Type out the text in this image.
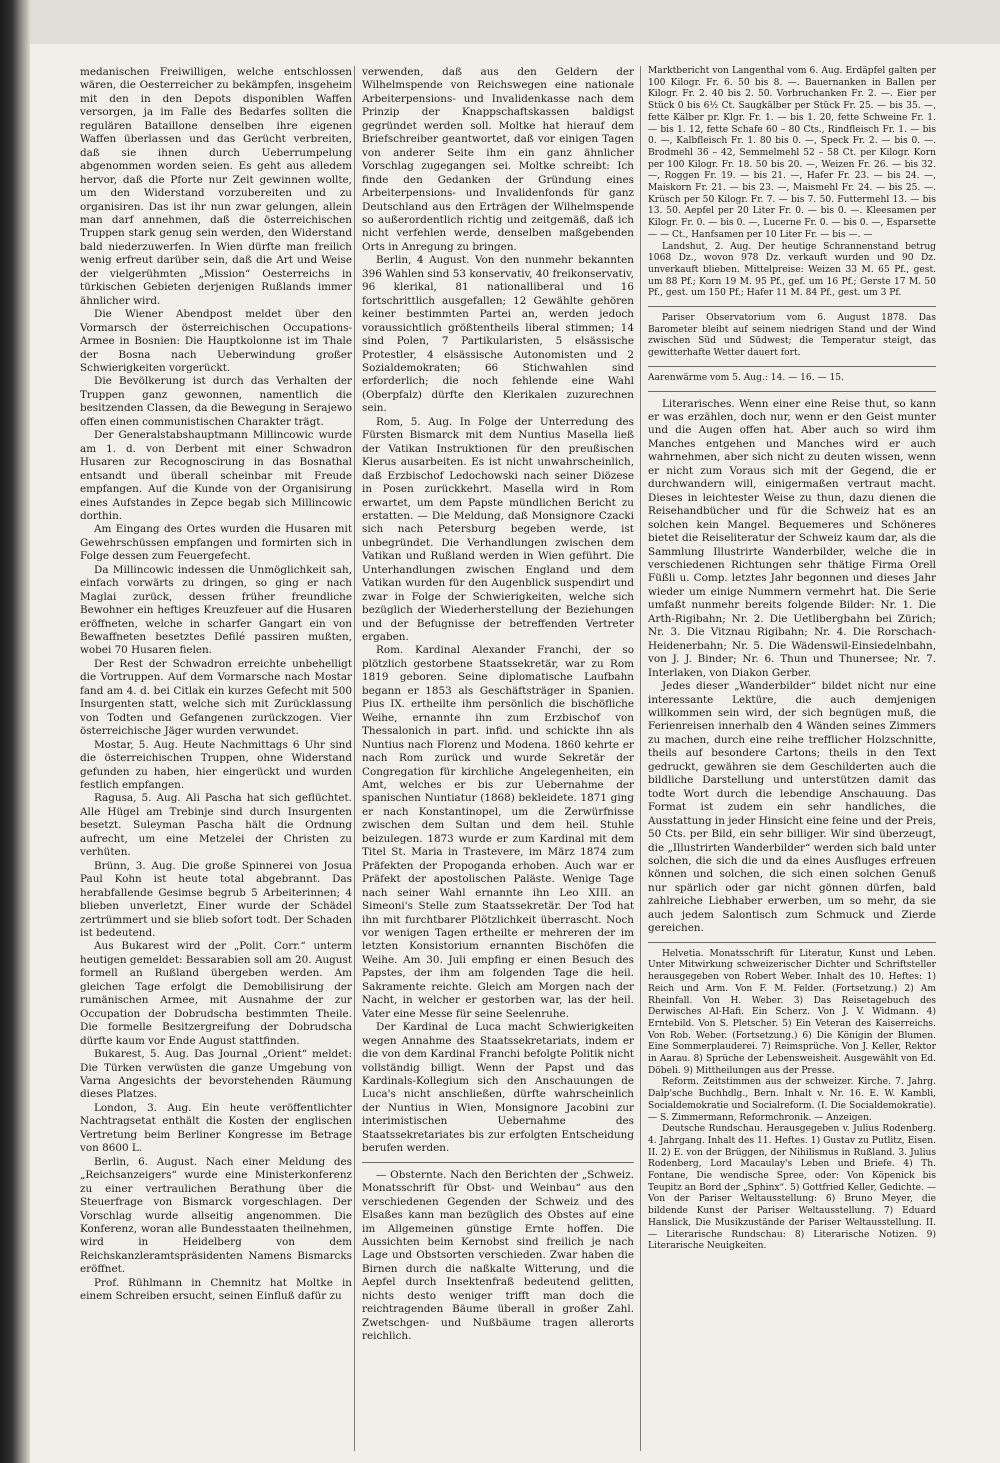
medanischen Freiwilligen, welche entschlossen wären, die Oesterreicher zu bekämpfen, insgeheim mit den in den Depots disponiblen Waffen versorgen, ja im Falle des Bedarfes sollten die regulären Bataillone denselben ihre eigenen Waffen überlassen und das Gerücht verbreiten, daß sie ihnen durch Ueberrumpelung abgenommen worden seien. Es geht aus alledem hervor, daß die Pforte nur Zeit gewinnen wollte, um den Widerstand vorzubereiten und zu organisiren. Das ist ihr nun zwar gelungen, allein man darf annehmen, daß die österreichischen Truppen stark genug sein werden, den Widerstand bald niederzuwerfen. In Wien dürfte man freilich wenig erfreut darüber sein, daß die Art und Weise der vielgerühmten „Mission“ Oesterreichs in türkischen Gebieten derjenigen Rußlands immer ähnlicher wird.

Die Wiener Abendpost meldet über den Vormarsch der österreichischen Occupations-Armee in Bosnien: Die Hauptkolonne ist im Thale der Bosna nach Ueberwindung großer Schwierigkeiten vorgerückt.

Die Bevölkerung ist durch das Verhalten der Truppen ganz gewonnen, namentlich die besitzenden Classen, da die Bewegung in Serajewo offen einen communistischen Charakter trägt.

Der Generalstabshauptmann Millincowic wurde am 1. d. von Derbent mit einer Schwadron Husaren zur Recognoscirung in das Bosnathal entsandt und überall scheinbar mit Freude empfangen. Auf die Kunde von der Organisirung eines Aufstandes in Zepce begab sich Millincowic dorthin.

Am Eingang des Ortes wurden die Husaren mit Gewehrschüssen empfangen und formirten sich in Folge dessen zum Feuergefecht.

Da Millincowic indessen die Unmöglichkeit sah, einfach vorwärts zu dringen, so ging er nach Maglai zurück, dessen früher freundliche Bewohner ein heftiges Kreuzfeuer auf die Husaren eröffneten, welche in scharfer Gangart ein von Bewaffneten besetztes Defilé passiren mußten, wobei 70 Husaren fielen.

Der Rest der Schwadron erreichte unbehelligt die Vortruppen. Auf dem Vormarsche nach Mostar fand am 4. d. bei Citlak ein kurzes Gefecht mit 500 Insurgenten statt, welche sich mit Zurücklassung von Todten und Gefangenen zurückzogen. Vier österreichische Jäger wurden verwundet.

Mostar, 5. Aug. Heute Nachmittags 6 Uhr sind die österreichischen Truppen, ohne Widerstand gefunden zu haben, hier eingerückt und wurden festlich empfangen.

Ragusa, 5. Aug. Ali Pascha hat sich geflüchtet. Alle Hügel am Trebinje sind durch Insurgenten besetzt. Suleyman Pascha hält die Ordnung aufrecht, um eine Metzelei der Christen zu verhüten.

Brünn, 3. Aug. Die große Spinnerei von Josua Paul Kohn ist heute total abgebrannt. Das herabfallende Gesimse begrub 5 Arbeiterinnen; 4 blieben unverletzt, Einer wurde der Schädel zertrümmert und sie blieb sofort todt. Der Schaden ist bedeutend.

Aus Bukarest wird der „Polit. Corr.“ unterm heutigen gemeldet: Bessarabien soll am 20. August formell an Rußland übergeben werden. Am gleichen Tage erfolgt die Demobilisirung der rumänischen Armee, mit Ausnahme der zur Occupation der Dobrudscha bestimmten Theile. Die formelle Besitzergreifung der Dobrudscha dürfte kaum vor Ende August stattfinden.

Bukarest, 5. Aug. Das Journal „Orient“ meldet: Die Türken verwüsten die ganze Umgebung von Varna Angesichts der bevorstehenden Räumung dieses Platzes.

London, 3. Aug. Ein heute veröffentlichter Nachtragsetat enthält die Kosten der englischen Vertretung beim Berliner Kongresse im Betrage von 8600 L.

Berlin, 6. August. Nach einer Meldung des „Reichsanzeigers“ wurde eine Ministerkonferenz zu einer vertraulichen Berathung über die Steuerfrage von Bismarck vorgeschlagen. Der Vorschlag wurde allseitig angenommen. Die Konferenz, woran alle Bundesstaaten theilnehmen, wird in Heidelberg von dem Reichskanzleramtspräsidenten Namens Bismarcks eröffnet.

Prof. Rühlmann in Chemnitz hat Moltke in einem Schreiben ersucht, seinen Einfluß dafür zu

verwenden, daß aus den Geldern der Wilhelmspende von Reichswegen eine nationale Arbeiterpensions- und Invalidenkasse nach dem Prinzip der Knappschaftskassen baldigst gegründet werden soll. Moltke hat hierauf dem Briefschreiber geantwortet, daß vor einigen Tagen von anderer Seite ihm ein ganz ähnlicher Vorschlag zugegangen sei. Moltke schreibt: Ich finde den Gedanken der Gründung eines Arbeiterpensions- und Invalidenfonds für ganz Deutschland aus den Erträgen der Wilhelmspende so außerordentlich richtig und zeitgemäß, daß ich nicht verfehlen werde, denselben maßgebenden Orts in Anregung zu bringen.

Berlin, 4 August. Von den nunmehr bekannten 396 Wahlen sind 53 konservativ, 40 freikonservativ, 96 klerikal, 81 nationalliberal und 16 fortschrittlich ausgefallen; 12 Gewählte gehören keiner bestimmten Partei an, werden jedoch voraussichtlich größtentheils liberal stimmen; 14 sind Polen, 7 Partikularisten, 5 elsässische Protestler, 4 elsässische Autonomisten und 2 Sozialdemokraten; 66 Stichwahlen sind erforderlich; die noch fehlende eine Wahl (Oberpfalz) dürfte den Klerikalen zuzurechnen sein.

Rom, 5. Aug. In Folge der Unterredung des Fürsten Bismarck mit dem Nuntius Masella ließ der Vatikan Instruktionen für den preußischen Klerus ausarbeiten. Es ist nicht unwahrscheinlich, daß Erzbischof Ledochowski nach seiner Diözese in Posen zurückkehrt. Masella wird in Rom erwartet, um dem Papste mündlichen Bericht zu erstatten. — Die Meldung, daß Monsignore Czacki sich nach Petersburg begeben werde, ist unbegründet. Die Verhandlungen zwischen dem Vatikan und Rußland werden in Wien geführt. Die Unterhandlungen zwischen England und dem Vatikan wurden für den Augenblick suspendirt und zwar in Folge der Schwierigkeiten, welche sich bezüglich der Wiederherstellung der Beziehungen und der Befugnisse der betreffenden Vertreter ergaben.

Rom. Kardinal Alexander Franchi, der so plötzlich gestorbene Staatssekretär, war zu Rom 1819 geboren. Seine diplomatische Laufbahn begann er 1853 als Geschäftsträger in Spanien. Pius IX. ertheilte ihm persönlich die bischöfliche Weihe, ernannte ihn zum Erzbischof von Thessalonich in part. infid. und schickte ihn als Nuntius nach Florenz und Modena. 1860 kehrte er nach Rom zurück und wurde Sekretär der Congregation für kirchliche Angelegenheiten, ein Amt, welches er bis zur Uebernahme der spanischen Nuntiatur (1868) bekleidete. 1871 ging er nach Konstantinopel, um die Zerwürfnisse zwischen dem Sultan und dem heil. Stuhle beizulegen. 1873 wurde er zum Kardinal mit dem Titel St. Maria in Trastevere, im März 1874 zum Präfekten der Propoganda erhoben. Auch war er Präfekt der apostolischen Paläste. Wenige Tage nach seiner Wahl ernannte ihn Leo XIII. an Simeoni's Stelle zum Staatssekretär. Der Tod hat ihn mit furchtbarer Plötzlichkeit überrascht. Noch vor wenigen Tagen ertheilte er mehreren der im letzten Konsistorium ernannten Bischöfen die Weihe. Am 30. Juli empfing er einen Besuch des Papstes, der ihm am folgenden Tage die heil. Sakramente reichte. Gleich am Morgen nach der Nacht, in welcher er gestorben war, las der heil. Vater eine Messe für seine Seelenruhe.

Der Kardinal de Luca macht Schwierigkeiten wegen Annahme des Staatssekretariats, indem er die von dem Kardinal Franchi befolgte Politik nicht vollständig billigt. Wenn der Papst und das Kardinals-Kollegium sich den Anschauungen de Luca's nicht anschließen, dürfte wahrscheinlich der Nuntius in Wien, Monsignore Jacobini zur interimistischen Uebernahme des Staatssekretariates bis zur erfolgten Entscheidung berufen werden.

— Obsternte. Nach den Berichten der „Schweiz. Monatsschrift für Obst- und Weinbau“ aus den verschiedenen Gegenden der Schweiz und des Elsaßes kann man bezüglich des Obstes auf eine im Allgemeinen günstige Ernte hoffen. Die Aussichten beim Kernobst sind freilich je nach Lage und Obstsorten verschieden. Zwar haben die Birnen durch die naßkalte Witterung, und die Aepfel durch Insektenfraß bedeutend gelitten, nichts desto weniger trifft man doch die reichtragenden Bäume überall in großer Zahl. Zwetschgen- und Nußbäume tragen allerorts reichlich.

Marktbericht von Langenthal vom 6. Aug. Erdäpfel galten per 100 Kilogr. Fr. 6. 50 bis 8. —. Bauernanken in Ballen per Kilogr. Fr. 2. 40 bis 2. 50. Vorbruchanken Fr. 2. —. Eier per Stück 0 bis 6½ Ct. Saugkälber per Stück Fr. 25. — bis 35. —, fette Kälber pr. Klgr. Fr. 1. — bis 1. 20, fette Schweine Fr. 1. — bis 1. 12, fette Schafe 60 – 80 Cts., Rindfleisch Fr. 1. — bis 0. —, Kalbfleisch Fr. 1. 80 bis 0. —, Speck Fr. 2. — bis 0. —. Brodmehl 36 – 42, Semmelmehl 52 – 58 Ct. per Kilogr. Korn per 100 Kilogr. Fr. 18. 50 bis 20. —, Weizen Fr. 26. — bis 32. —, Roggen Fr. 19. — bis 21. —, Hafer Fr. 23. — bis 24. —, Maiskorn Fr. 21. — bis 23. —, Maismehl Fr. 24. — bis 25. —. Krüsch per 50 Kilogr. Fr. 7. — bis 7. 50. Futtermehl 13. — bis 13. 50. Aepfel per 20 Liter Fr. 0. — bis 0. —. Kleesamen per Kilogr. Fr. 0. — bis 0. —, Lucerne Fr. 0. — bis 0. —, Esparsette — — Ct., Hanfsamen per 10 Liter Fr. — bis —. —

Landshut, 2. Aug. Der heutige Schrannenstand betrug 1068 Dz., wovon 978 Dz. verkauft wurden und 90 Dz. unverkauft blieben. Mittelpreise: Weizen 33 M. 65 Pf., gest. um 88 Pf.; Korn 19 M. 95 Pf., gef. um 16 Pf.; Gerste 17 M. 50 Pf., gest. um 150 Pf.; Hafer 11 M. 84 Pf., gest. um 3 Pf.

Pariser Observatorium vom 6. August 1878. Das Barometer bleibt auf seinem niedrigen Stand und der Wind zwischen Süd und Südwest; die Temperatur steigt, das gewitterhafte Wetter dauert fort.

Aarenwärme vom 5. Aug.: 14. — 16. — 15.

Literarisches. Wenn einer eine Reise thut, so kann er was erzählen, doch nur, wenn er den Geist munter und die Augen offen hat. Aber auch so wird ihm Manches entgehen und Manches wird er auch wahrnehmen, aber sich nicht zu deuten wissen, wenn er nicht zum Voraus sich mit der Gegend, die er durchwandern will, einigermaßen vertraut macht. Dieses in leichtester Weise zu thun, dazu dienen die Reisehandbücher und für die Schweiz hat es an solchen kein Mangel. Bequemeres und Schöneres bietet die Reiseliteratur der Schweiz kaum dar, als die Sammlung Illustrirte Wanderbilder, welche die in verschiedenen Richtungen sehr thätige Firma Orell Füßli u. Comp. letztes Jahr begonnen und dieses Jahr wieder um einige Nummern vermehrt hat. Die Serie umfaßt nunmehr bereits folgende Bilder: Nr. 1. Die Arth-Rigibahn; Nr. 2. Die Uetlibergbahn bei Zürich; Nr. 3. Die Vitznau Rigibahn; Nr. 4. Die Rorschach-Heidenerbahn; Nr. 5. Die Wädenswil-Einsiedelnbahn, von J. J. Binder; Nr. 6. Thun und Thunersee; Nr. 7. Interlaken, von Diakon Gerber.

Jedes dieser „Wanderbilder“ bildet nicht nur eine interessante Lektüre, die auch demjenigen willkommen sein wird, der sich begnügen muß, die Ferienreisen innerhalb den 4 Wänden seines Zimmers zu machen, durch eine reihe trefflicher Holzschnitte, theils auf besondere Cartons; theils in den Text gedruckt, gewähren sie dem Geschilderten auch die bildliche Darstellung und unterstützen damit das todte Wort durch die lebendige Anschauung. Das Format ist zudem ein sehr handliches, die Ausstattung in jeder Hinsicht eine feine und der Preis, 50 Cts. per Bild, ein sehr billiger. Wir sind überzeugt, die „Illustrirten Wanderbilder“ werden sich bald unter solchen, die sich die und da eines Ausfluges erfreuen können und solchen, die sich einen solchen Genuß nur spärlich oder gar nicht gönnen dürfen, bald zahlreiche Liebhaber erwerben, um so mehr, da sie auch jedem Salontisch zum Schmuck und Zierde gereichen.

Helvetia. Monatsschrift für Literatur, Kunst und Leben. Unter Mitwirkung schweizerischer Dichter und Schriftsteller herausgegeben von Robert Weber. Inhalt des 10. Heftes: 1) Reich und Arm. Von F. M. Felder. (Fortsetzung.) 2) Am Rheinfall. Von H. Weber. 3) Das Reisetagebuch des Derwisches Al-Hafi. Ein Scherz. Von J. V. Widmann. 4) Erntebild. Von S. Pletscher. 5) Ein Veteran des Kaiserreichs. Von Rob. Weber. (Fortsetzung.) 6) Die Königin der Blumen. Eine Sommerplauderei. 7) Reimsprüche. Von J. Keller, Rektor in Aarau. 8) Sprüche der Lebensweisheit. Ausgewählt von Ed. Döbeli. 9) Mittheilungen aus der Presse.

Reform. Zeitstimmen aus der schweizer. Kirche. 7. Jahrg. Dalp'sche Buchhdlg., Bern. Inhalt v. Nr. 16. E. W. Kambli, Socialdemokratie und Socialreform. (I. Die Socialdemokratie). — S. Zimmermann, Reformchronik. — Anzeigen.

Deutsche Rundschau. Herausgegeben v. Julius Rodenberg. 4. Jahrgang. Inhalt des 11. Heftes. 1) Gustav zu Putlitz, Eisen. II. 2) E. von der Brüggen, der Nihilismus in Rußland. 3. Julius Rodenberg, Lord Macaulay's Leben und Briefe. 4) Th. Fontane, Die wendische Spree, oder: Von Köpenick bis Teupitz an Bord der „Sphinx“. 5) Gottfried Keller, Gedichte. — Von der Pariser Weltausstellung: 6) Bruno Meyer, die bildende Kunst der Pariser Weltausstellung. 7) Eduard Hanslick, Die Musikzustände der Pariser Weltausstellung. II. — Literarische Rundschau: 8) Literarische Notizen. 9) Literarische Neuigkeiten.
